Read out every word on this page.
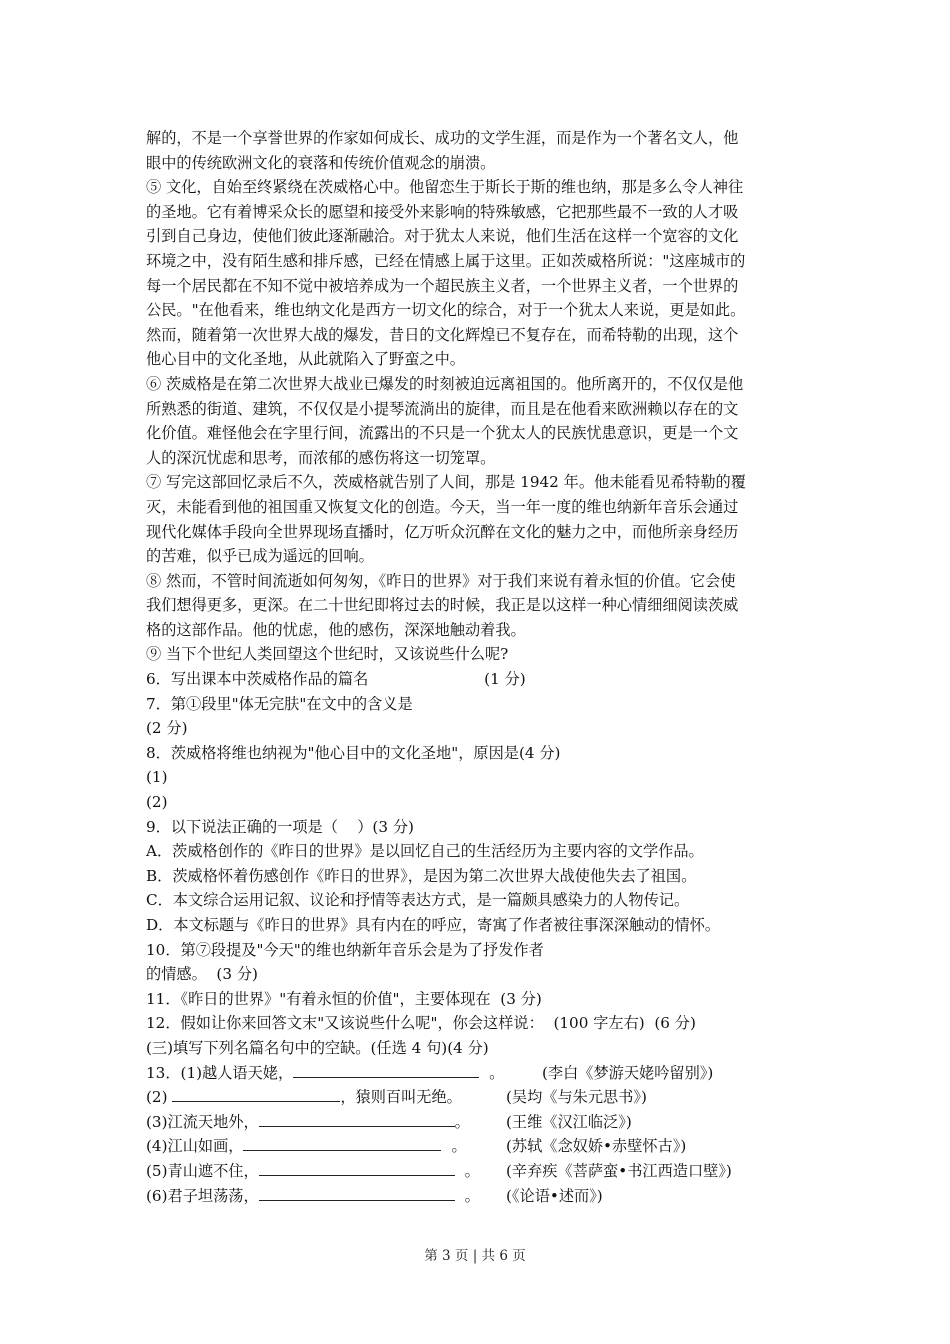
解的，不是一个享誉世界的作家如何成长、成功的文学生涯，而是作为一个著名文人，他
眼中的传统欧洲文化的衰落和传统价值观念的崩溃。
⑤ 文化，自始至终紧绕在茨威格心中。他留恋生于斯长于斯的维也纳，那是多么令人神往
的圣地。它有着博采众长的愿望和接受外来影响的特殊敏感，它把那些最不一致的人才吸
引到自己身边，使他们彼此逐渐融洽。对于犹太人来说，他们生活在这样一个宽容的文化
环境之中，没有陌生感和排斥感，已经在情感上属于这里。正如茨威格所说："这座城市的
每一个居民都在不知不觉中被培养成为一个超民族主义者，一个世界主义者，一个世界的
公民。"在他看来，维也纳文化是西方一切文化的综合，对于一个犹太人来说，更是如此。
然而，随着第一次世界大战的爆发，昔日的文化辉煌已不复存在，而希特勒的出现，这个
他心目中的文化圣地，从此就陷入了野蛮之中。
⑥ 茨威格是在第二次世界大战业已爆发的时刻被迫远离祖国的。他所离开的，不仅仅是他
所熟悉的街道、建筑，不仅仅是小提琴流淌出的旋律，而且是在他看来欧洲赖以存在的文
化价值。难怪他会在字里行间，流露出的不只是一个犹太人的民族忧患意识，更是一个文
人的深沉忧虑和思考，而浓郁的感伤将这一切笼罩。
⑦ 写完这部回忆录后不久，茨威格就告别了人间，那是 1942 年。他未能看见希特勒的覆
灭，未能看到他的祖国重又恢复文化的创造。今天，当一年一度的维也纳新年音乐会通过
现代化媒体手段向全世界现场直播时，亿万听众沉醉在文化的魅力之中，而他所亲身经历
的苦难，似乎已成为遥远的回响。
⑧ 然而，不管时间流逝如何匆匆，《昨日的世界》对于我们来说有着永恒的价值。它会使
我们想得更多，更深。在二十世纪即将过去的时候，我正是以这样一种心情细细阅读茨威
格的这部作品。他的忧虑，他的感伤，深深地触动着我。
⑨ 当下个世纪人类回望这个世纪时，又该说些什么呢?
6．写出课本中茨威格作品的篇名                        (1 分)
7．第①段里"体无完肤"在文中的含义是
(2 分)
8．茨威格将维也纳视为"他心目中的文化圣地"，原因是(4 分)
(1)
(2)
9．以下说法正确的一项是（    ）(3 分)
A．茨威格创作的《昨日的世界》是以回忆自己的生活经历为主要内容的文学作品。
B．茨威格怀着伤感创作《昨日的世界》，是因为第二次世界大战使他失去了祖国。
C．本文综合运用记叙、议论和抒情等表达方式，是一篇颇具感染力的人物传记。
D．本文标题与《昨日的世界》具有内在的呼应，寄寓了作者被往事深深触动的情怀。
10．第⑦段提及"今天"的维也纳新年音乐会是为了抒发作者
的情感。  (3 分)
11．《昨日的世界》"有着永恒的价值"，主要体现在  (3 分)
12．假如让你来回答文末"又该说些什么呢"，你会这样说：  (100 字左右)  (6 分)
(三)填写下列名篇名句中的空缺。(任选 4 句)(4 分)
13．(1)越人语天姥，	。 (李白《梦游天姥吟留别》)
(2)	，猿则百叫无绝。	(吴均《与朱元思书》)
(3)江流天地外，	。 (王维《汉江临泛》)
(4)江山如画，	。	(苏轼《念奴娇•赤壁怀古》)
(5)青山遮不住，	。 (辛弃疾《菩萨蛮•书江西造口壁》)
(6)君子坦荡荡，	。 (《论语•述而》)
第 3 页 | 共 6 页
